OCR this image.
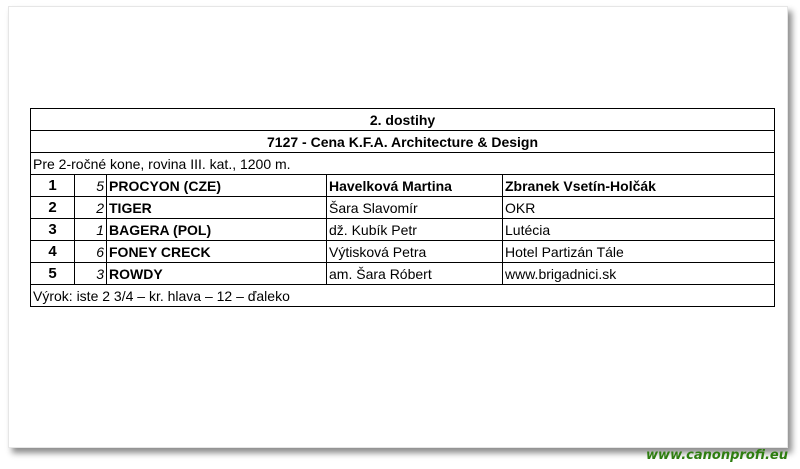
2. dostihy				
7127 - Cena K.F.A. Architecture & Design				
Pre 2-ročné kone, rovina III. kat., 1200 m.				
1	5	PROCYON (CZE)	Havelková Martina	Zbranek Vsetín-Holčák
2	2	TIGER	Šara Slavomír	OKR
3	1	BAGERA (POL)	dž. Kubík Petr	Lutécia
4	6	FONEY CRECK	Výtisková Petra	Hotel Partizán Tále
5	3	ROWDY	am. Šara Róbert	www.brigadnici.sk
Výrok: iste 2 3/4 – kr. hlava – 12 – ďaleko				
www.canonprofi.eu
